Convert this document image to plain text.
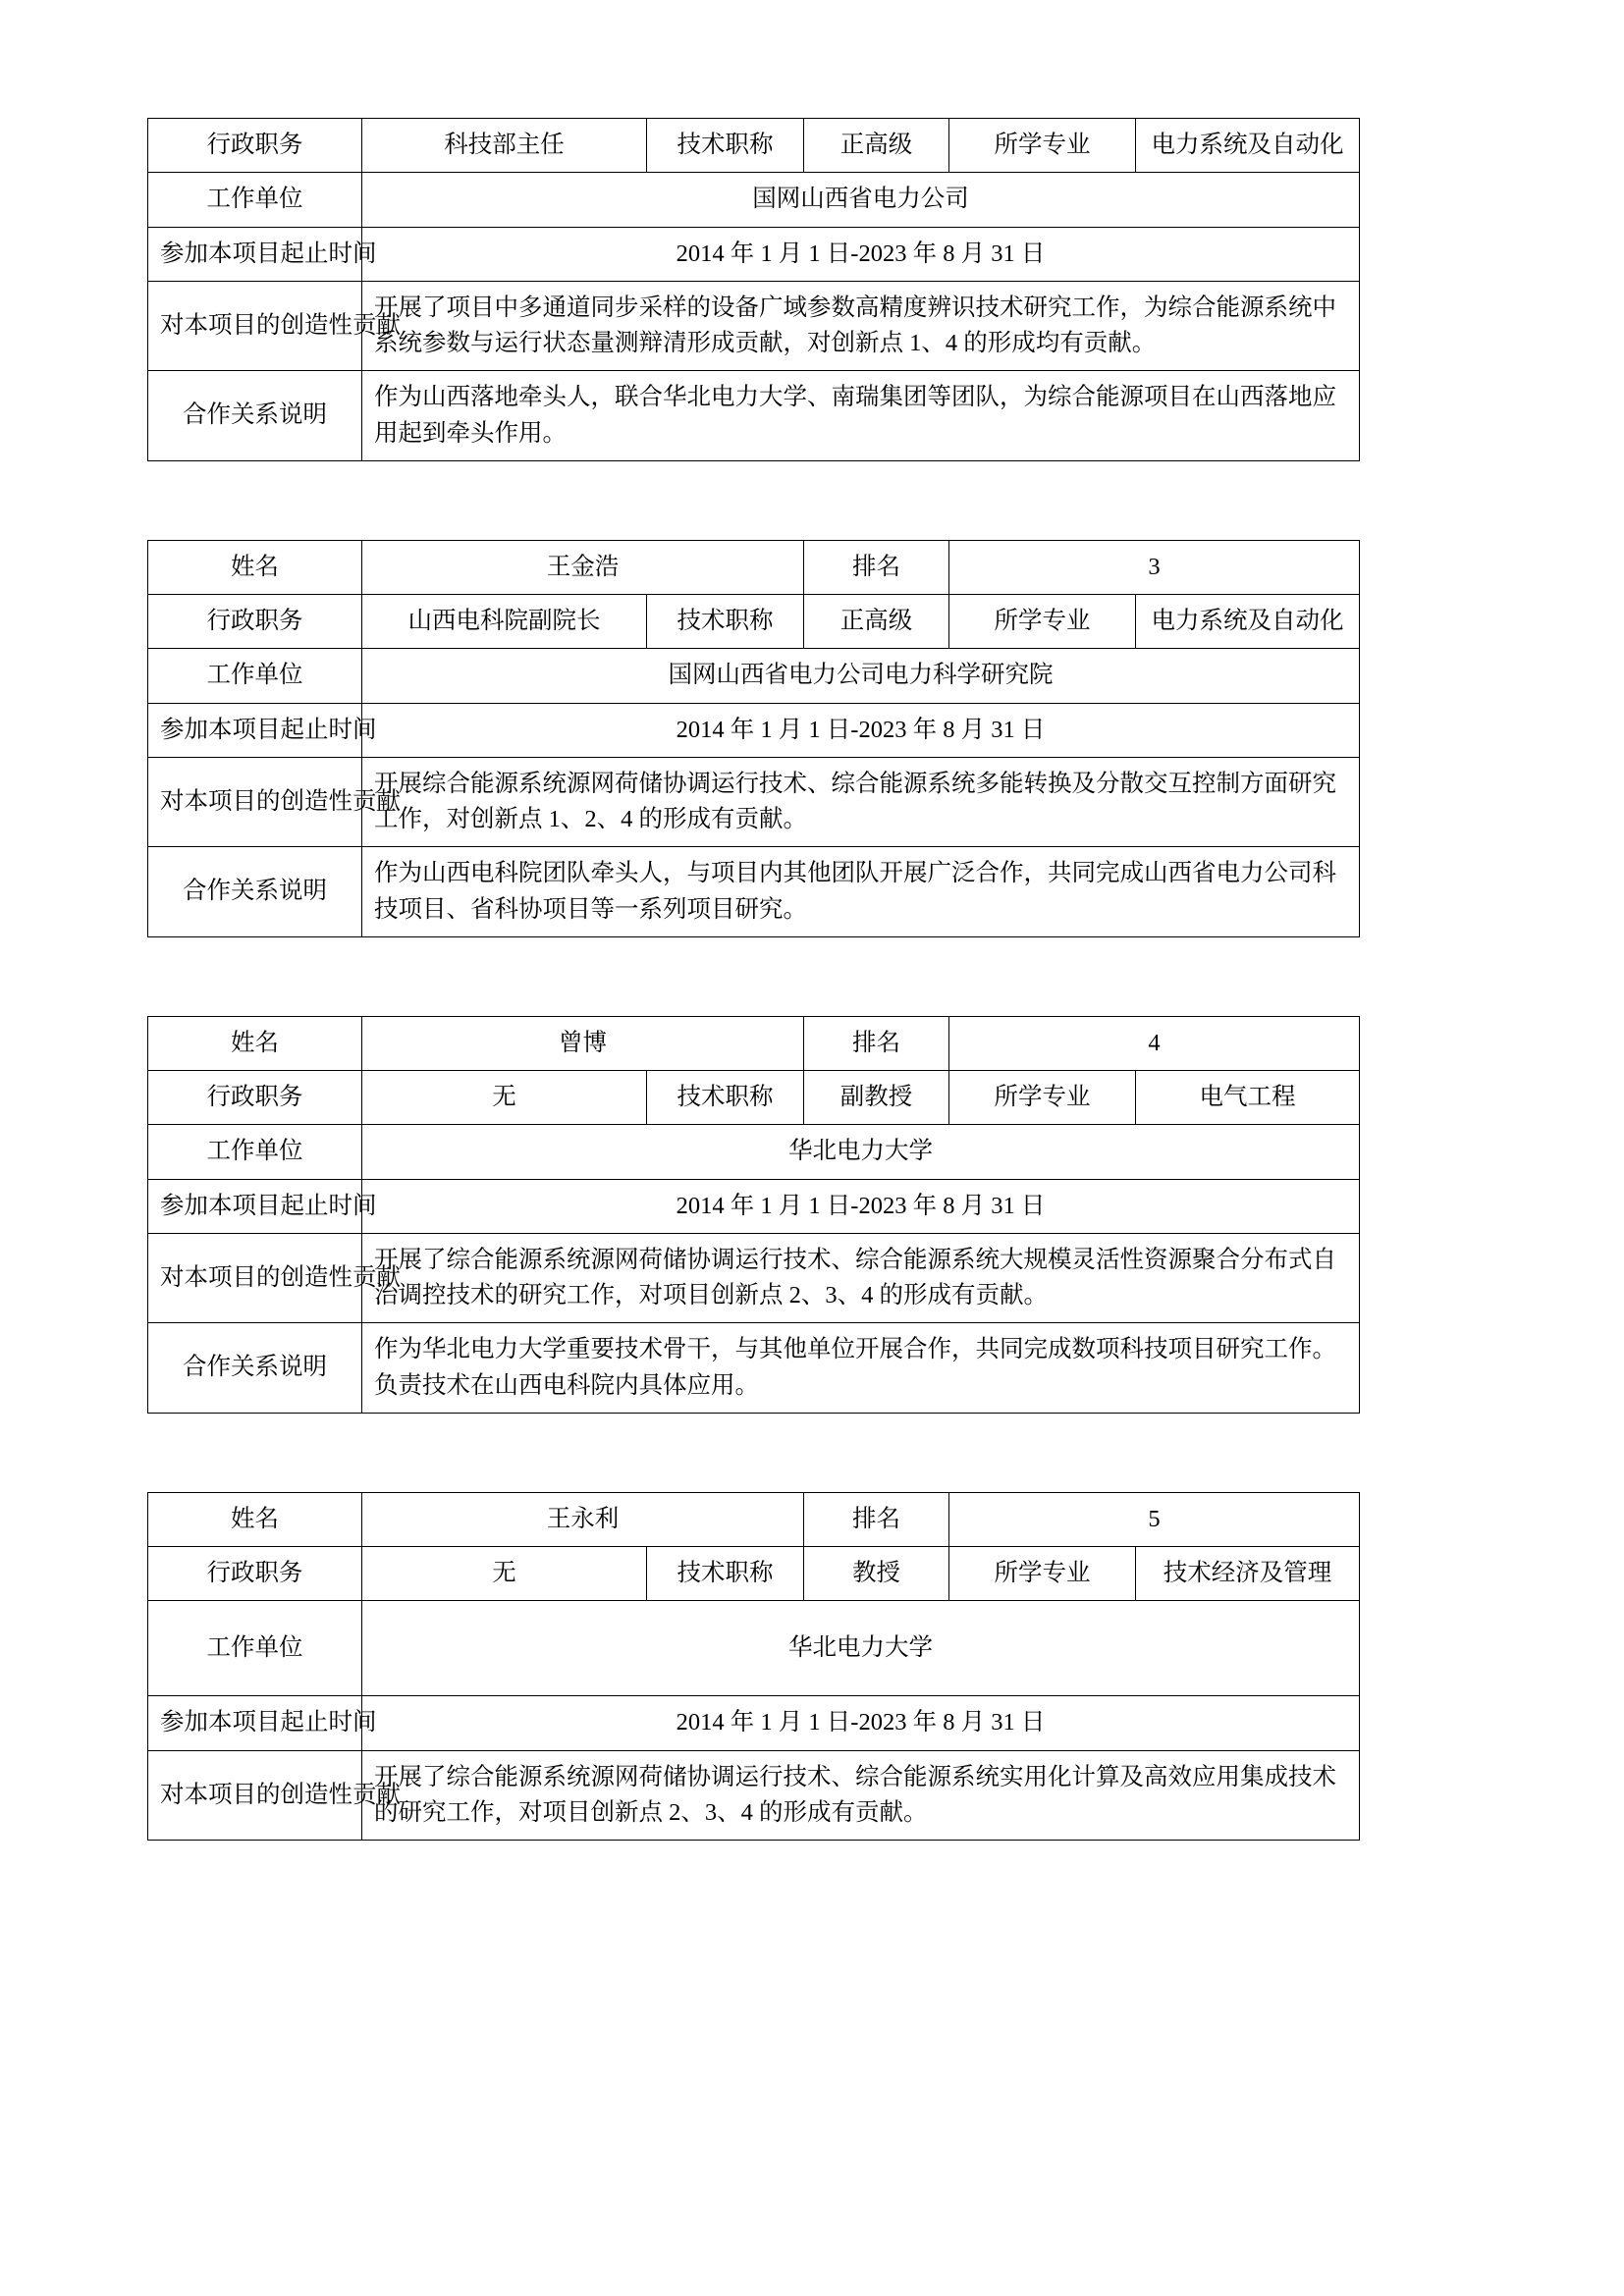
行政职务	科技部主任	技术职称	正高级	所学专业	电力系统及自动化
工作单位	国网山西省电力公司				
参加本项目起止时间	2014 年 1 月 1 日-2023 年 8 月 31 日				
对本项目的创造性贡献	开展了项目中多通道同步采样的设备广域参数高精度辨识技术研究工作，为综合能源系统中系统参数与运行状态量测辩清形成贡献，对创新点 1、4 的形成均有贡献。				
合作关系说明	作为山西落地牵头人，联合华北电力大学、南瑞集团等团队，为综合能源项目在山西落地应用起到牵头作用。				
姓名	王金浩		排名	3	
行政职务	山西电科院副院长	技术职称	正高级	所学专业	电力系统及自动化
工作单位	国网山西省电力公司电力科学研究院				
参加本项目起止时间	2014 年 1 月 1 日-2023 年 8 月 31 日				
对本项目的创造性贡献	开展综合能源系统源网荷储协调运行技术、综合能源系统多能转换及分散交互控制方面研究工作，对创新点 1、2、4 的形成有贡献。				
合作关系说明	作为山西电科院团队牵头人，与项目内其他团队开展广泛合作，共同完成山西省电力公司科技项目、省科协项目等一系列项目研究。				
姓名	曾博		排名	4	
行政职务	无	技术职称	副教授	所学专业	电气工程
工作单位	华北电力大学				
参加本项目起止时间	2014 年 1 月 1 日-2023 年 8 月 31 日				
对本项目的创造性贡献	开展了综合能源系统源网荷储协调运行技术、综合能源系统大规模灵活性资源聚合分布式自治调控技术的研究工作，对项目创新点 2、3、4 的形成有贡献。				
合作关系说明	作为华北电力大学重要技术骨干，与其他单位开展合作，共同完成数项科技项目研究工作。负责技术在山西电科院内具体应用。				
姓名	王永利		排名	5	
行政职务	无	技术职称	教授	所学专业	技术经济及管理
工作单位	华北电力大学				
参加本项目起止时间	2014 年 1 月 1 日-2023 年 8 月 31 日				
对本项目的创造性贡献	开展了综合能源系统源网荷储协调运行技术、综合能源系统实用化计算及高效应用集成技术的研究工作，对项目创新点 2、3、4 的形成有贡献。				
